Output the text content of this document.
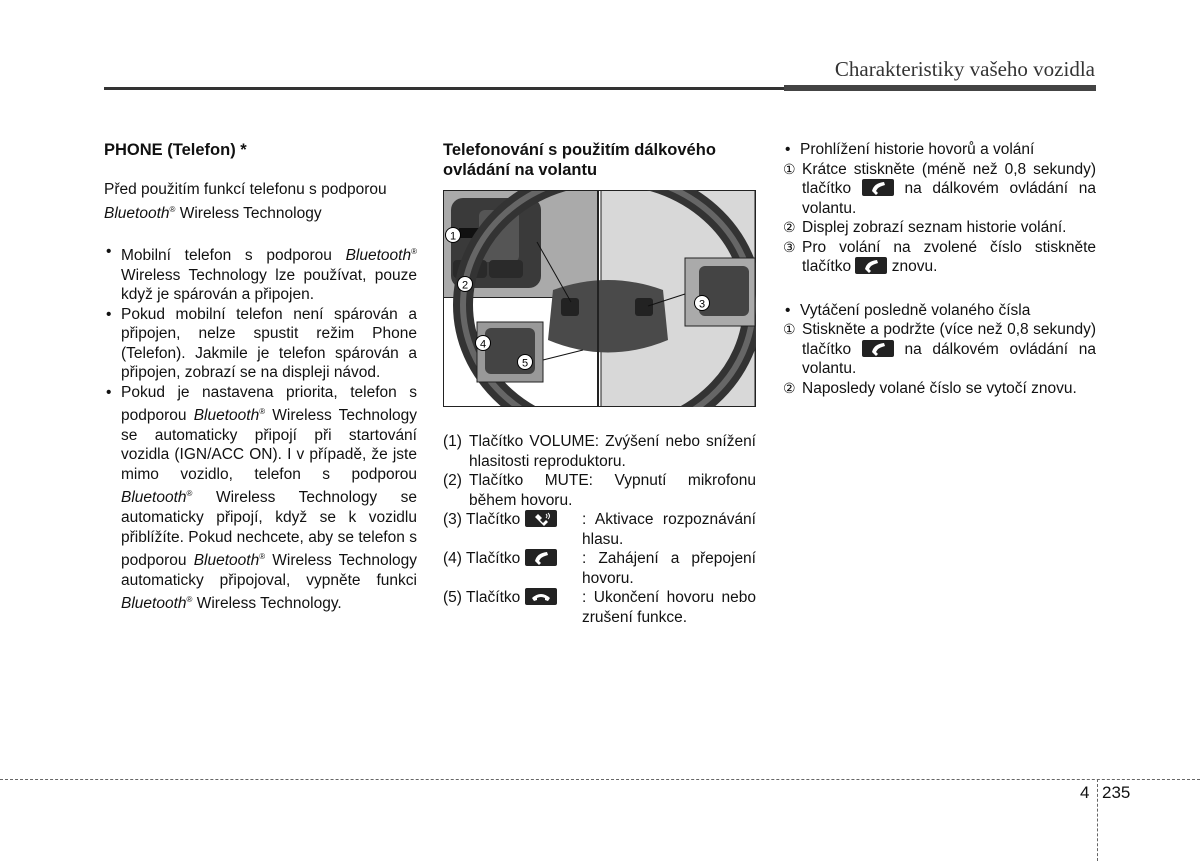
Charakteristiky vašeho vozidla
PHONE (Telefon) *

Před použitím funkcí telefonu s podporou
Bluetooth® Wireless Technology

• Mobilní telefon s podporou Bluetooth® Wireless Technology lze používat, pouze když je spárován a připojen.
• Pokud mobilní telefon není spárován a připojen, nelze spustit režim Phone (Telefon). Jakmile je telefon spárován a připojen, zobrazí se na displeji návod.
• Pokud je nastavena priorita, telefon s podporou Bluetooth® Wireless Technology se automaticky připojí při startování vozidla (IGN/ACC ON). I v případě, že jste mimo vozidlo, telefon s podporou Bluetooth® Wireless Technology se automaticky připojí, když se k vozidlu přiblížíte. Pokud nechcete, aby se telefon s podporou Bluetooth® Wireless Technology automaticky připojoval, vypněte funkci Bluetooth® Wireless Technology.
Telefonování s použitím dálkového ovládání na volantu
1
2
3
4
5
(1) Tlačítko VOLUME: Zvýšení nebo snížení hlasitosti reproduktoru.
(2) Tlačítko MUTE: Vypnutí mikrofonu během hovoru.
(3) Tlačítko	: Aktivace rozpoznávání hlasu.
(4) Tlačítko	: Zahájení a přepojení hovoru.
(5) Tlačítko	: Ukončení hovoru nebo zrušení funkce.
• Prohlížení historie hovorů a volání
① Krátce stiskněte (méně než 0,8 sekundy) tlačítko	na dálkovém ovládání na volantu.
② Displej zobrazí seznam historie volání.
③ Pro volání na zvolené číslo stiskněte tlačítko
znovu.
• Vytáčení posledně volaného čísla
① Stiskněte a podržte (více než 0,8 sekundy) tlačítko	na dálkovém ovládání na volantu.
② Naposledy volané číslo se vytočí znovu.
4 235
